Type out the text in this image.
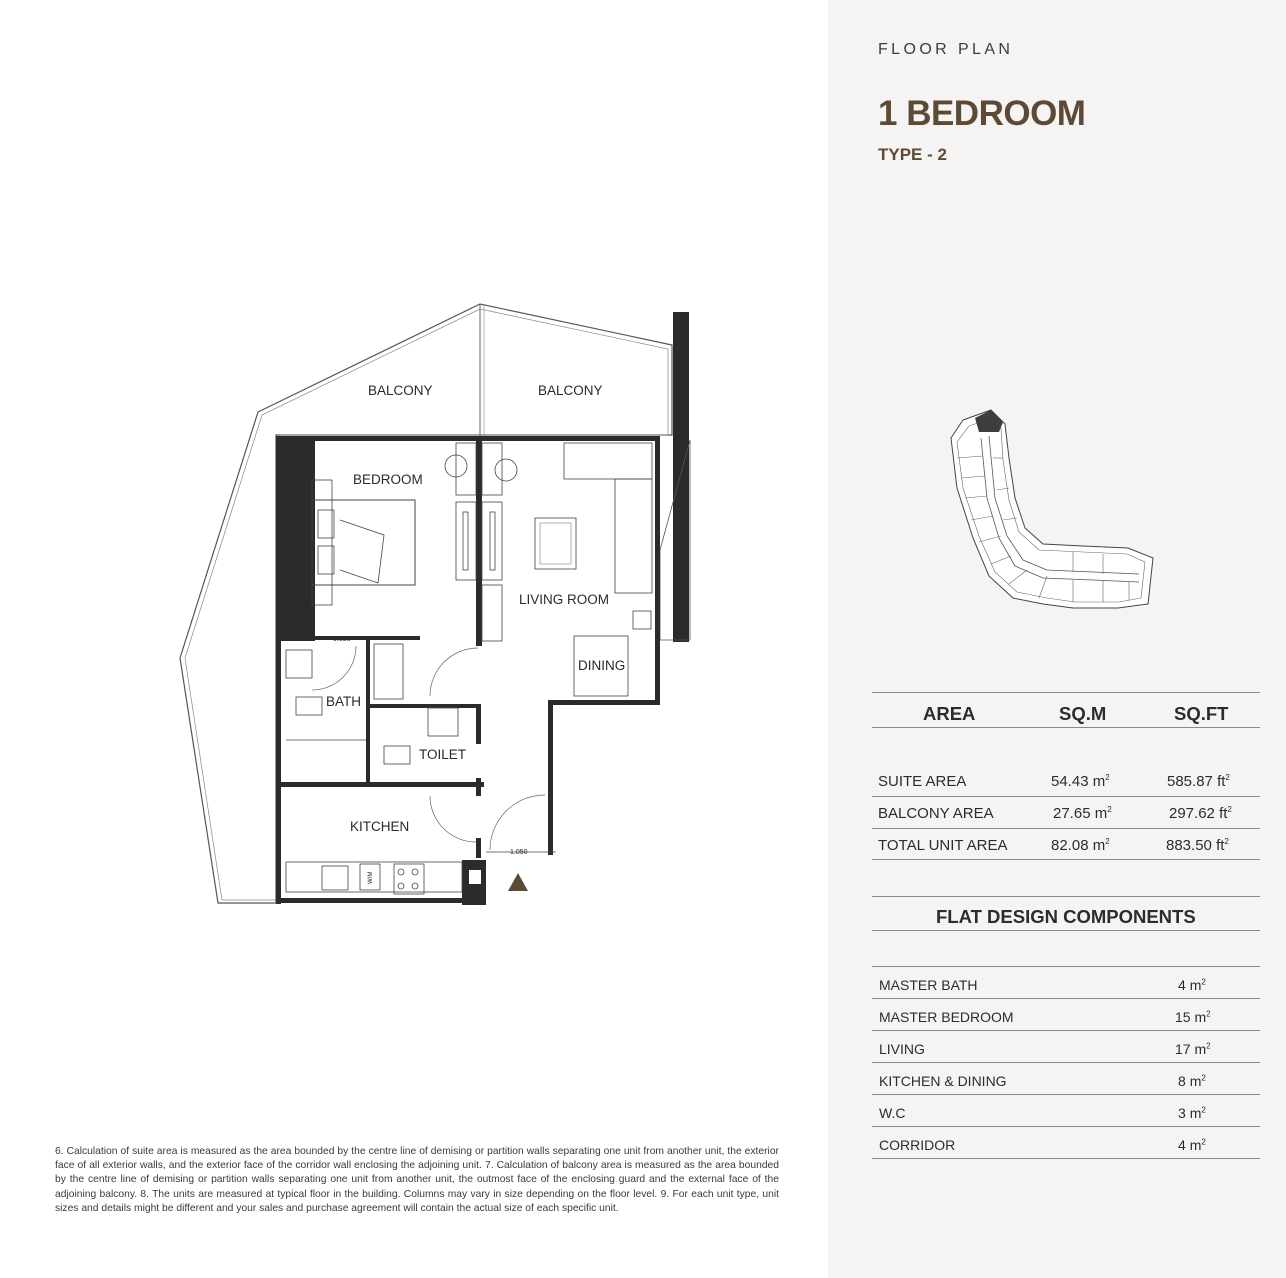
BALCONY	BALCONY
BEDROOM
LIVING ROOM
DINING
BATH
TOILET
KITCHEN
0.850
1.050
W/M

6. Calculation of suite area is measured as the area bounded by the centre line of demising or partition walls separating one unit from another unit, the exterior face of all exterior walls, and the exterior face of the corridor wall enclosing the adjoining unit. 7. Calculation of balcony area is measured as the area bounded by the centre line of demising or partition walls separating one unit from another unit, the outmost face of the enclosing guard and the external face of the adjoining balcony. 8. The units are measured at typical floor in the building. Columns may vary in size depending on the floor level. 9. For each unit type, unit sizes and details might be different and your sales and purchase agreement will contain the actual size of each specific unit.

FLOOR PLAN
1 BEDROOM
TYPE - 2
AREA	SQ.M	SQ.FT
SUITE AREA	54.43 $m^2$	585.87 $ft^2$
BALCONY AREA	27.65 $m^2$	297.62 $ft^2$
TOTAL UNIT AREA	82.08 $m^2$	883.50 $ft^2$
FLAT DESIGN COMPONENTS
MASTER BATH	4 $m^2$
MASTER BEDROOM	15 $m^2$
LIVING	17 $m^2$
KITCHEN & DINING	8 $m^2$
W.C	3 $m^2$
CORRIDOR	4 $m^2$
